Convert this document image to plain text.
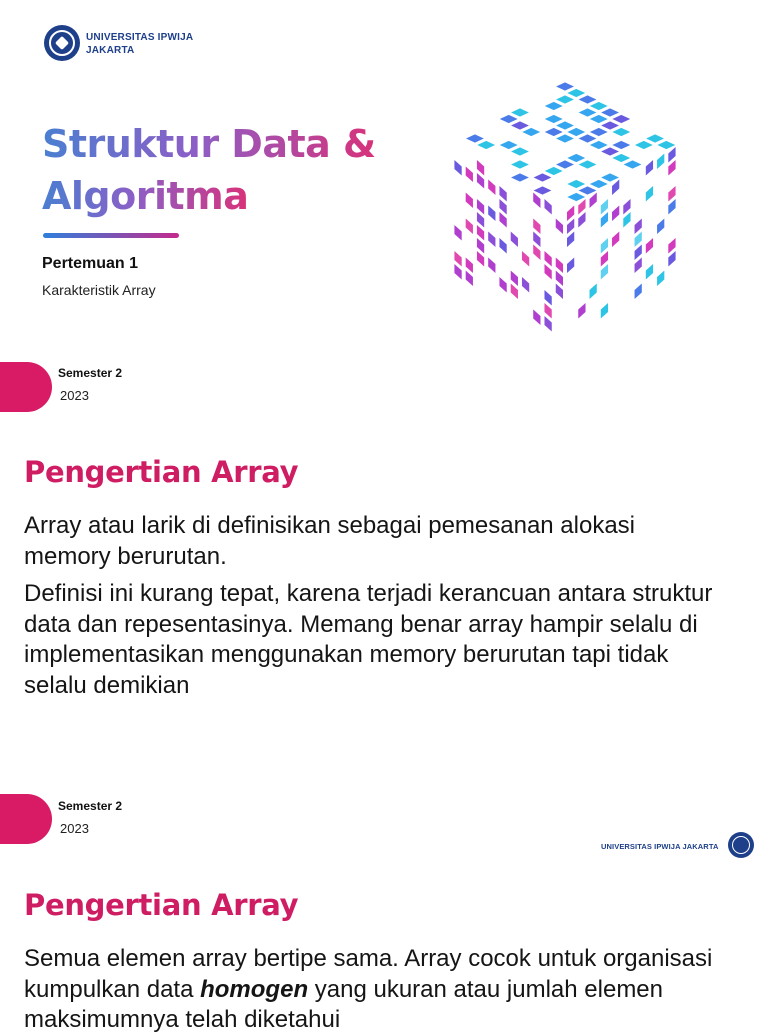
UNIVERSITAS IPWIJA
JAKARTA
Struktur Data &
Algoritma
Pertemuan 1
Karakteristik Array
Semester 2
2023
Pengertian Array
Array atau larik di definisikan sebagai pemesanan alokasi memory berurutan.
Definisi ini kurang tepat, karena terjadi kerancuan antara struktur data dan repesentasinya. Memang benar array hampir selalu di implementasikan menggunakan memory berurutan tapi tidak selalu demikian
Semester 2
2023
UNIVERSITAS IPWIJA JAKARTA
Pengertian Array
Semua elemen array bertipe sama. Array cocok untuk organisasi kumpulkan data homogen yang ukuran atau jumlah elemen maksimumnya telah diketahui
